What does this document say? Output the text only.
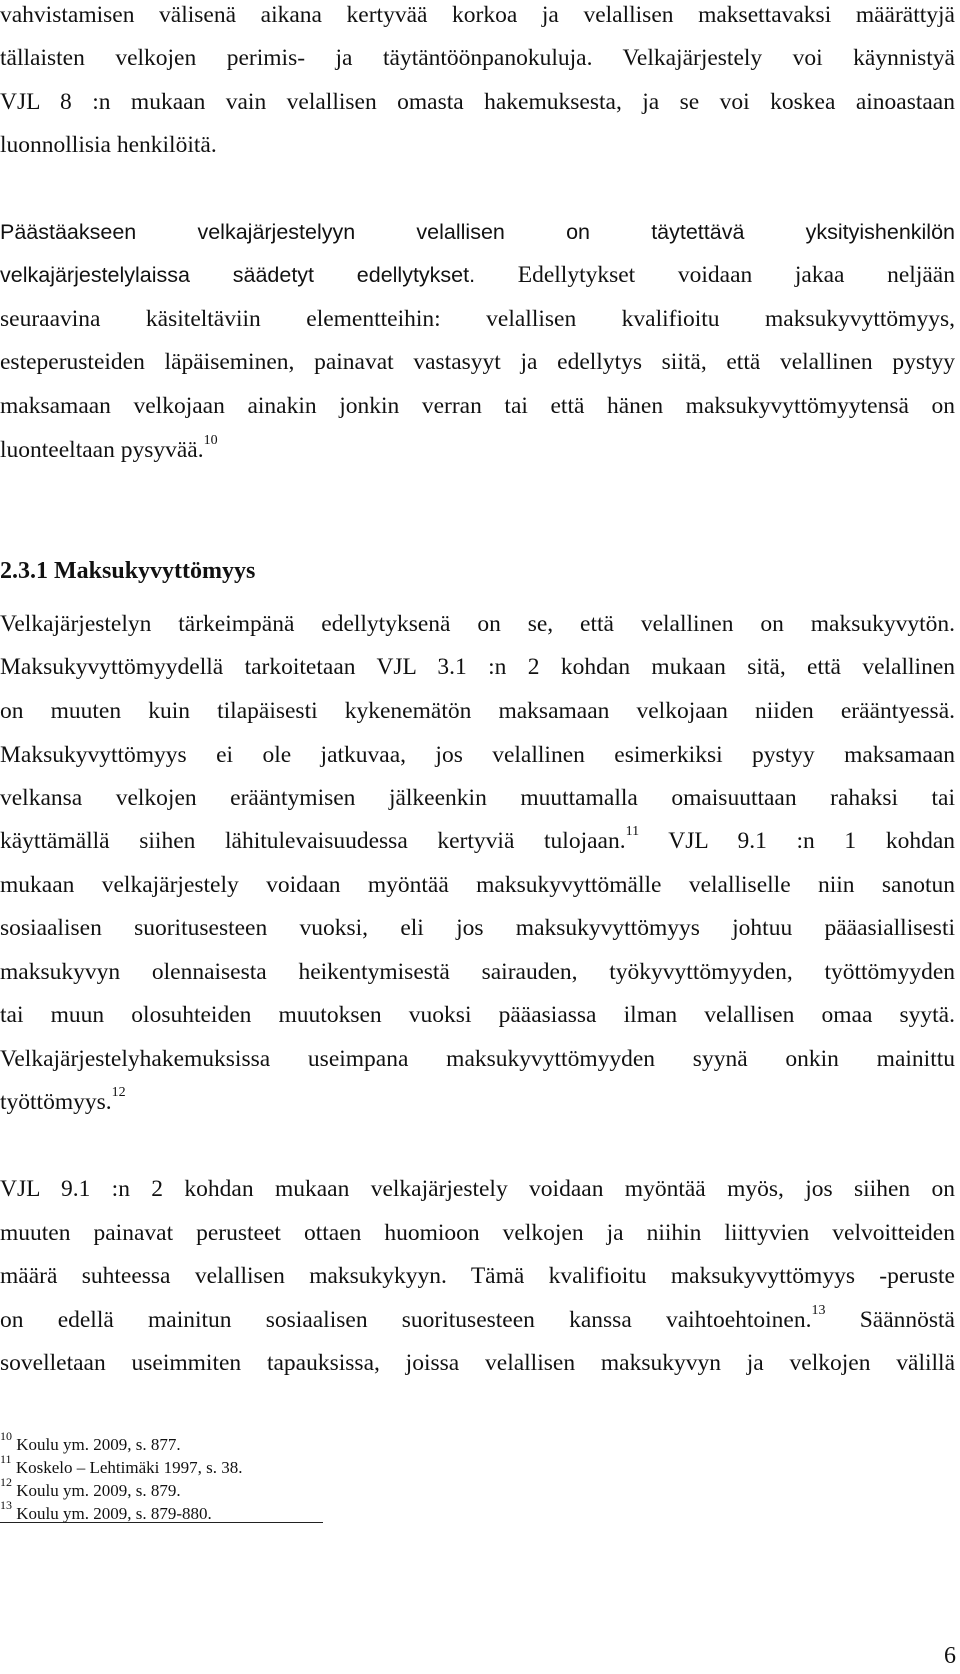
vahvistamisen välisenä aikana kertyvää korkoa ja velallisen maksettavaksi määrättyjä
tällaisten velkojen perimis- ja täytäntöönpanokuluja. Velkajärjestely voi käynnistyä
VJL 8 :n mukaan vain velallisen omasta hakemuksesta, ja se voi koskea ainoastaan
luonnollisia henkilöitä.
Päästäakseen velkajärjestelyyn velallisen on täytettävä yksityishenkilön
velkajärjestelylaissa säädetyt edellytykset. Edellytykset voidaan jakaa neljään
seuraavina käsiteltäviin elementteihin: velallisen kvalifioitu maksukyvyttömyys,
esteperusteiden läpäiseminen, painavat vastasyyt ja edellytys siitä, että velallinen pystyy
maksamaan velkojaan ainakin jonkin verran tai että hänen maksukyvyttömyytensä on
luonteeltaan pysyvää.$^{10}$
2.3.1 Maksukyvyttömyys
Velkajärjestelyn tärkeimpänä edellytyksenä on se, että velallinen on maksukyvytön.
Maksukyvyttömyydellä tarkoitetaan VJL 3.1 :n 2 kohdan mukaan sitä, että velallinen
on muuten kuin tilapäisesti kykenemätön maksamaan velkojaan niiden erääntyessä.
Maksukyvyttömyys ei ole jatkuvaa, jos velallinen esimerkiksi pystyy maksamaan
velkansa velkojen erääntymisen jälkeenkin muuttamalla omaisuuttaan rahaksi tai
käyttämällä siihen lähitulevaisuudessa kertyviä tulojaan.$^{11}$ VJL 9.1 :n 1 kohdan
mukaan velkajärjestely voidaan myöntää maksukyvyttömälle velalliselle niin sanotun
sosiaalisen suoritusesteen vuoksi, eli jos maksukyvyttömyys johtuu pääasiallisesti
maksukyvyn olennaisesta heikentymisestä sairauden, työkyvyttömyyden, työttömyyden
tai muun olosuhteiden muutoksen vuoksi pääasiassa ilman velallisen omaa syytä.
Velkajärjestelyhakemuksissa useimpana maksukyvyttömyyden syynä onkin mainittu
työttömyys.$^{12}$
VJL 9.1 :n 2 kohdan mukaan velkajärjestely voidaan myöntää myös, jos siihen on
muuten painavat perusteet ottaen huomioon velkojen ja niihin liittyvien velvoitteiden
määrä suhteessa velallisen maksukykyyn. Tämä kvalifioitu maksukyvyttömyys -peruste
on edellä mainitun sosiaalisen suoritusesteen kanssa vaihtoehtoinen.$^{13}$ Säännöstä
sovelletaan useimmiten tapauksissa, joissa velallisen maksukyvyn ja velkojen välillä
$^{10}$ Koulu ym. 2009, s. 877.
$^{11}$ Koskelo – Lehtimäki 1997, s. 38.
$^{12}$ Koulu ym. 2009, s. 879.
$^{13}$ Koulu ym. 2009, s. 879-880.
6
